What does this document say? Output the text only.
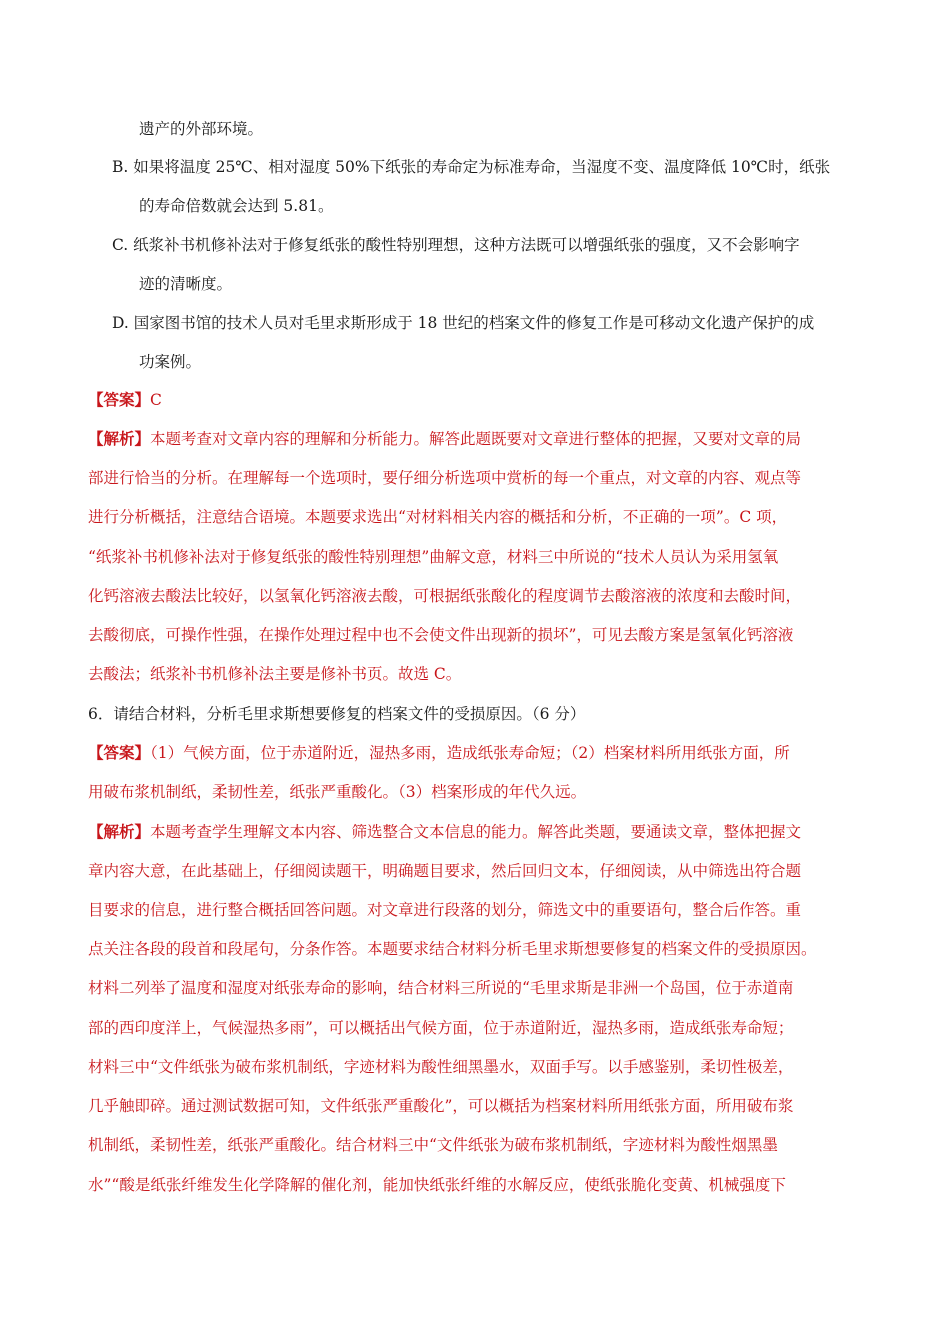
遗产的外部环境。
B. 如果将温度 25℃、相对湿度 50%下纸张的寿命定为标准寿命，当湿度不变、温度降低 10℃时，纸张
的寿命倍数就会达到 5.81。
C. 纸浆补书机修补法对于修复纸张的酸性特别理想，这种方法既可以增强纸张的强度，又不会影响字
迹的清晰度。
D. 国家图书馆的技术人员对毛里求斯形成于 18 世纪的档案文件的修复工作是可移动文化遗产保护的成
功案例。
【答案】C
【解析】本题考查对文章内容的理解和分析能力。解答此题既要对文章进行整体的把握，又要对文章的局
部进行恰当的分析。在理解每一个选项时，要仔细分析选项中赏析的每一个重点，对文章的内容、观点等
进行分析概括，注意结合语境。本题要求选出“对材料相关内容的概括和分析，不正确的一项”。C 项，
“纸浆补书机修补法对于修复纸张的酸性特别理想”曲解文意，材料三中所说的“技术人员认为采用氢氧
化钙溶液去酸法比较好，以氢氧化钙溶液去酸，可根据纸张酸化的程度调节去酸溶液的浓度和去酸时间，
去酸彻底，可操作性强，在操作处理过程中也不会使文件出现新的损坏”，可见去酸方案是氢氧化钙溶液
去酸法；纸浆补书机修补法主要是修补书页。故选 C。
6．请结合材料，分析毛里求斯想要修复的档案文件的受损原因。（6 分）
【答案】（1）气候方面，位于赤道附近，湿热多雨，造成纸张寿命短；（2）档案材料所用纸张方面，所
用破布浆机制纸，柔韧性差，纸张严重酸化。（3）档案形成的年代久远。
【解析】本题考查学生理解文本内容、筛选整合文本信息的能力。解答此类题，要通读文章，整体把握文
章内容大意，在此基础上，仔细阅读题干，明确题目要求，然后回归文本，仔细阅读，从中筛选出符合题
目要求的信息，进行整合概括回答问题。对文章进行段落的划分，筛选文中的重要语句，整合后作答。重
点关注各段的段首和段尾句，分条作答。本题要求结合材料分析毛里求斯想要修复的档案文件的受损原因。
材料二列举了温度和湿度对纸张寿命的影响，结合材料三所说的“毛里求斯是非洲一个岛国，位于赤道南
部的西印度洋上，气候湿热多雨”，可以概括出气候方面，位于赤道附近，湿热多雨，造成纸张寿命短；
材料三中“文件纸张为破布浆机制纸，字迹材料为酸性细黑墨水，双面手写。以手感鉴别，柔切性极差，
几乎触即碎。通过测试数据可知，文件纸张严重酸化”，可以概括为档案材料所用纸张方面，所用破布浆
机制纸，柔韧性差，纸张严重酸化。结合材料三中“文件纸张为破布浆机制纸，字迹材料为酸性烟黑墨
水”“酸是纸张纤维发生化学降解的催化剂，能加快纸张纤维的水解反应，使纸张脆化变黄、机械强度下
